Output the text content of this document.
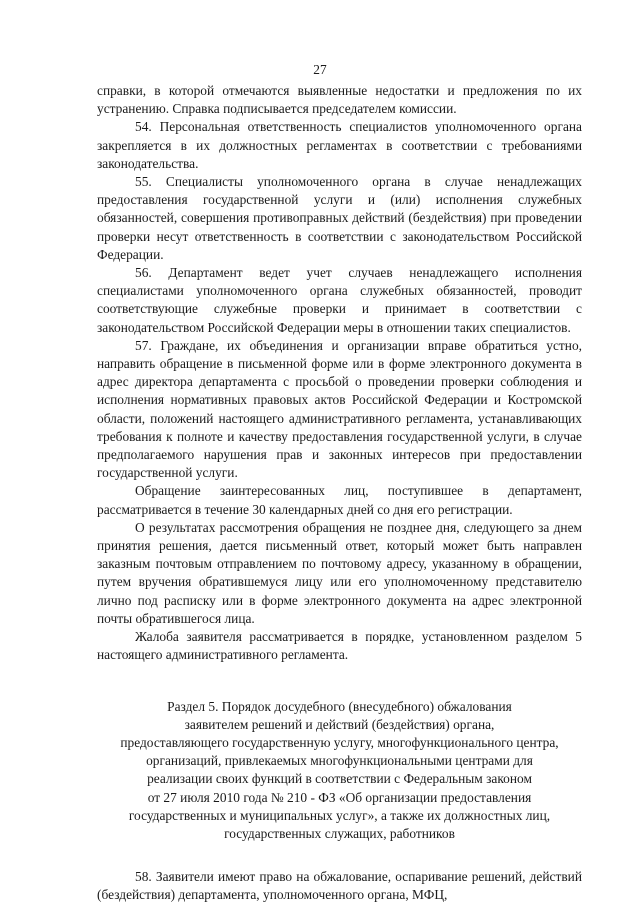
27

справки, в которой отмечаются выявленные недостатки и предложения по их устранению. Справка подписывается председателем комиссии.

54. Персональная ответственность специалистов уполномоченного органа закрепляется в их должностных регламентах в соответствии с требованиями законодательства.

55. Специалисты уполномоченного органа в случае ненадлежащих предоставления государственной услуги и (или) исполнения служебных обязанностей, совершения противоправных действий (бездействия) при проведении проверки несут ответственность в соответствии с законодательством Российской Федерации.

56. Департамент ведет учет случаев ненадлежащего исполнения специалистами уполномоченного органа служебных обязанностей, проводит соответствующие служебные проверки и принимает в соответствии с законодательством Российской Федерации меры в отношении таких специалистов.

57. Граждане, их объединения и организации вправе обратиться устно, направить обращение в письменной форме или в форме электронного документа в адрес директора департамента с просьбой о проведении проверки соблюдения и исполнения нормативных правовых актов Российской Федерации и Костромской области, положений настоящего административного регламента, устанавливающих требования к полноте и качеству предоставления государственной услуги, в случае предполагаемого нарушения прав и законных интересов при предоставлении государственной услуги.

Обращение заинтересованных лиц, поступившее в департамент, рассматривается в течение 30 календарных дней со дня его регистрации.

О результатах рассмотрения обращения не позднее дня, следующего за днем принятия решения, дается письменный ответ, который может быть направлен заказным почтовым отправлением по почтовому адресу, указанному в обращении, путем вручения обратившемуся лицу или его уполномоченному представителю лично под расписку или в форме электронного документа на адрес электронной почты обратившегося лица.

Жалоба заявителя рассматривается в порядке, установленном разделом 5 настоящего административного регламента.

Раздел 5. Порядок досудебного (внесудебного) обжалования
заявителем решений и действий (бездействия) органа,
предоставляющего государственную услугу, многофункционального центра,
организаций, привлекаемых многофункциональными центрами для
реализации своих функций в соответствии с Федеральным законом
от 27 июля 2010 года № 210 - ФЗ «Об организации предоставления
государственных и муниципальных услуг», а также их должностных лиц,
государственных служащих, работников

58. Заявители имеют право на обжалование, оспаривание решений, действий (бездействия) департамента, уполномоченного органа, МФЦ,
